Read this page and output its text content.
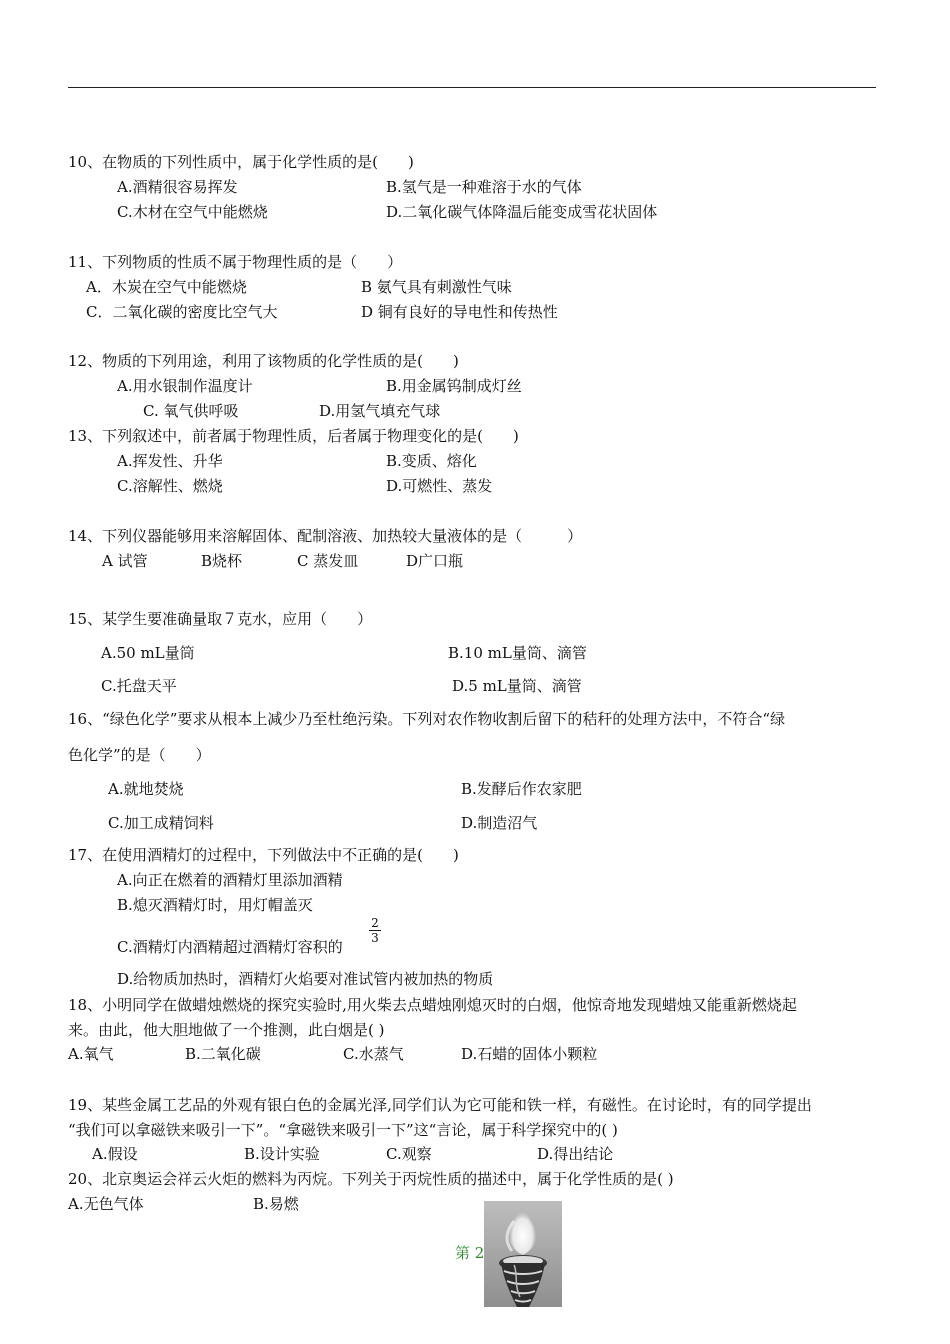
10、在物质的下列性质中，属于化学性质的是(　　)
A.酒精很容易挥发	B.氢气是一种难溶于水的气体
C.木材在空气中能燃烧	D.二氧化碳气体降温后能变成雪花状固体
11、下列物质的性质不属于物理性质的是（　　）
A．木炭在空气中能燃烧	B 氨气具有刺激性气味
C．二氧化碳的密度比空气大	D 铜有良好的导电性和传热性
12、物质的下列用途，利用了该物质的化学性质的是(　　)
A.用水银制作温度计	B.用金属钨制成灯丝
C. 氧气供呼吸	D.用氢气填充气球
13、下列叙述中，前者属于物理性质，后者属于物理变化的是(　　)
A.挥发性、升华	B.变质、熔化
C.溶解性、燃烧	D.可燃性、蒸发
14、下列仪器能够用来溶解固体、配制溶液、加热较大量液体的是（　　　）
A 试管	B烧杯	C 蒸发皿	D广口瓶
15、某学生要准确量取７克水，应用（　　）
A.50 mL量筒	B.10 mL量筒、滴管
C.托盘天平	D.5 mL量筒、滴管
16、“绿色化学”要求从根本上减少乃至杜绝污染。下列对农作物收割后留下的秸秆的处理方法中，不符合“绿
色化学”的是（　　）
A.就地焚烧	B.发酵后作农家肥
C.加工成精饲料	D.制造沼气
17、在使用酒精灯的过程中，下列做法中不正确的是(　　)
A.向正在燃着的酒精灯里添加酒精
B.熄灭酒精灯时，用灯帽盖灭
C.酒精灯内酒精超过酒精灯容积的
2
3
D.给物质加热时，酒精灯火焰要对准试管内被加热的物质
18、小明同学在做蜡烛燃烧的探究实验时,用火柴去点蜡烛刚熄灭时的白烟，他惊奇地发现蜡烛又能重新燃烧起
来。由此，他大胆地做了一个推测，此白烟是( )
A.氧气	B.二氧化碳	C.水蒸气	D.石蜡的固体小颗粒
19、某些金属工艺品的外观有银白色的金属光泽,同学们认为它可能和铁一样，有磁性。在讨论时，有的同学提出
“我们可以拿磁铁来吸引一下”。“拿磁铁来吸引一下”这“言论，属于科学探究中的( )
A.假设	B.设计实验	C.观察	D.得出结论
20、北京奥运会祥云火炬的燃料为丙烷。下列关于丙烷性质的描述中，属于化学性质的是( )
A.无色气体	B.易燃
第 2
